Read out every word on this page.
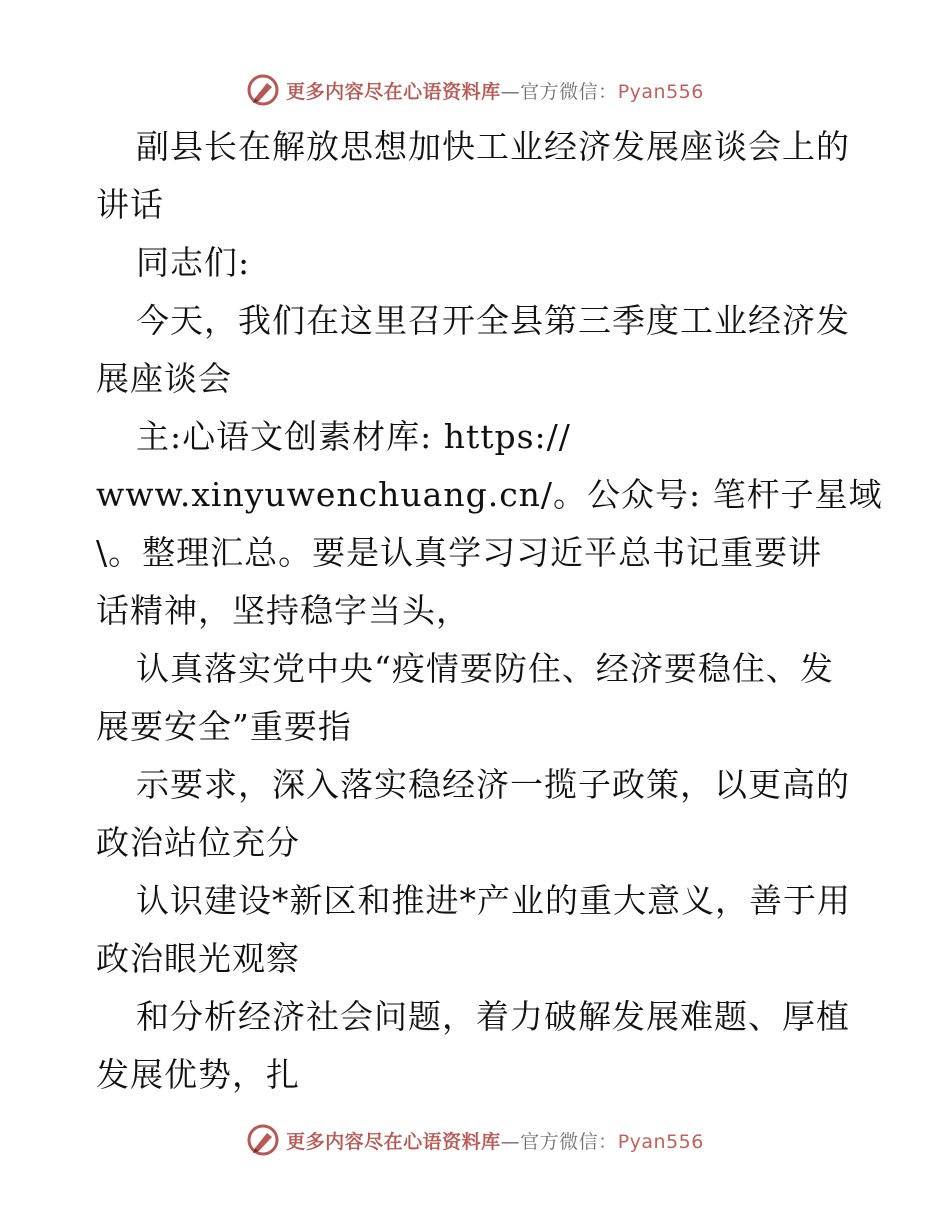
更多内容尽在心语资料库—官方微信：Pyan556
副县长在解放思想加快工业经济发展座谈会上的
讲话
同志们:
今天，我们在这里召开全县第三季度工业经济发
展座谈会
主:心语文创素材库: https://
www.xinyuwenchuang.cn/。公众号: 笔杆子星域
\。整理汇总。要是认真学习习近平总书记重要讲
话精神，坚持稳字当头，
认真落实党中央“疫情要防住、经济要稳住、发
展要安全”重要指
示要求，深入落实稳经济一揽子政策，以更高的
政治站位充分
认识建设*新区和推进*产业的重大意义，善于用
政治眼光观察
和分析经济社会问题，着力破解发展难题、厚植
发展优势，扎
更多内容尽在心语资料库—官方微信：Pyan556
